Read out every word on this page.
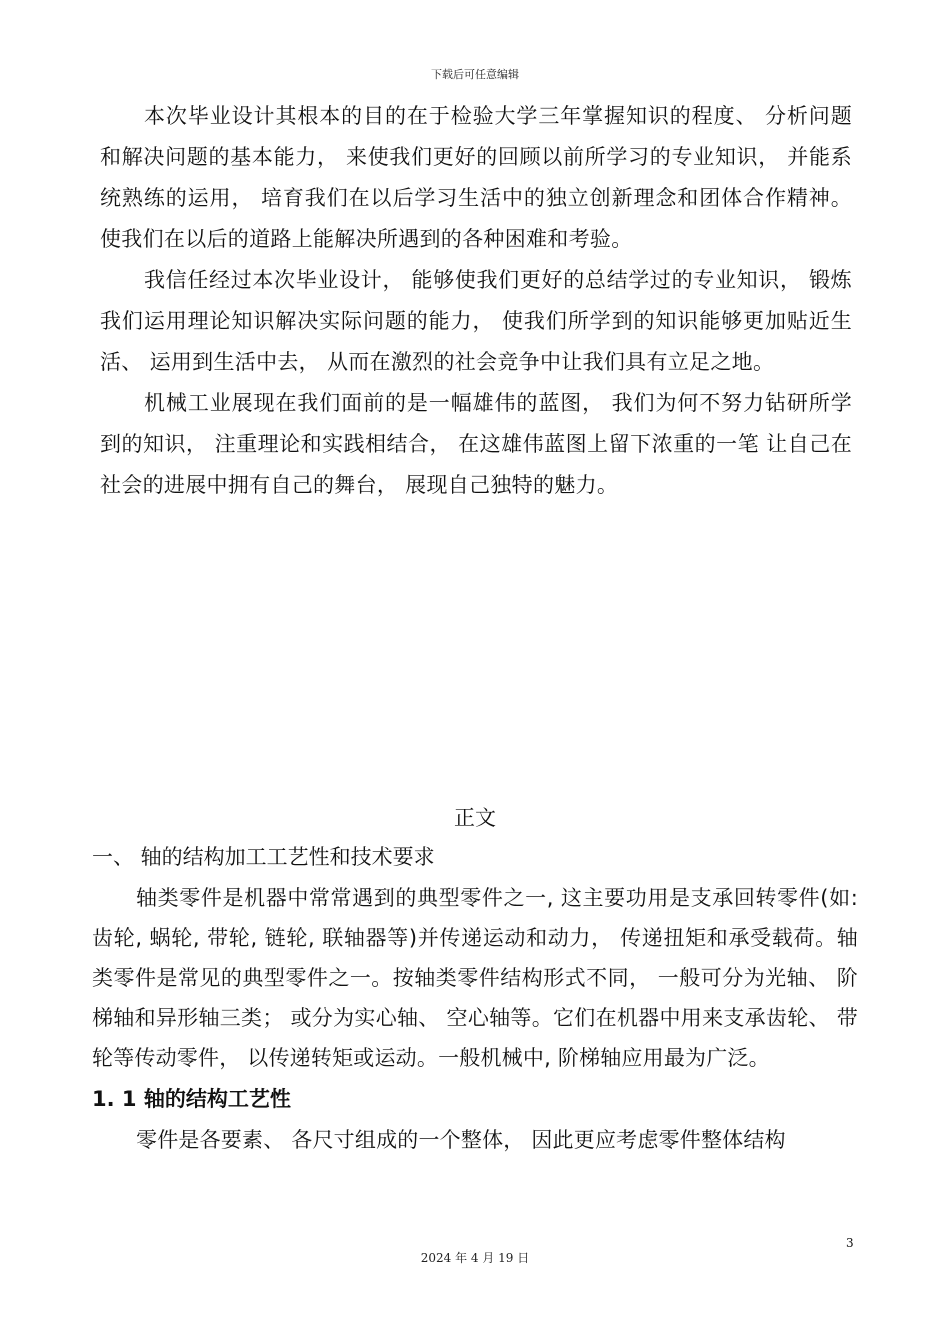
下载后可任意编辑

本次毕业设计其根本的目的在于检验大学三年掌握知识的程度、 分析问题和解决问题的基本能力， 来使我们更好的回顾以前所学习的专业知识， 并能系统熟练的运用， 培育我们在以后学习生活中的独立创新理念和团体合作精神。使我们在以后的道路上能解决所遇到的各种困难和考验。

我信任经过本次毕业设计， 能够使我们更好的总结学过的专业知识， 锻炼我们运用理论知识解决实际问题的能力， 使我们所学到的知识能够更加贴近生活、 运用到生活中去， 从而在激烈的社会竞争中让我们具有立足之地。

机械工业展现在我们面前的是一幅雄伟的蓝图， 我们为何不努力钻研所学到的知识， 注重理论和实践相结合， 在这雄伟蓝图上留下浓重的一笔 让自己在社会的进展中拥有自己的舞台， 展现自己独特的魅力。

正文

一、 轴的结构加工工艺性和技术要求

轴类零件是机器中常常遇到的典型零件之一, 这主要功用是支承回转零件(如: 齿轮, 蜗轮, 带轮, 链轮, 联轴器等)并传递运动和动力， 传递扭矩和承受载荷。轴类零件是常见的典型零件之一。按轴类零件结构形式不同， 一般可分为光轴、 阶梯轴和异形轴三类； 或分为实心轴、 空心轴等。它们在机器中用来支承齿轮、 带轮等传动零件， 以传递转矩或运动。一般机械中, 阶梯轴应用最为广泛。

1. 1 轴的结构工艺性

零件是各要素、 各尺寸组成的一个整体， 因此更应考虑零件整体结构

3
2024 年 4 月 19 日
